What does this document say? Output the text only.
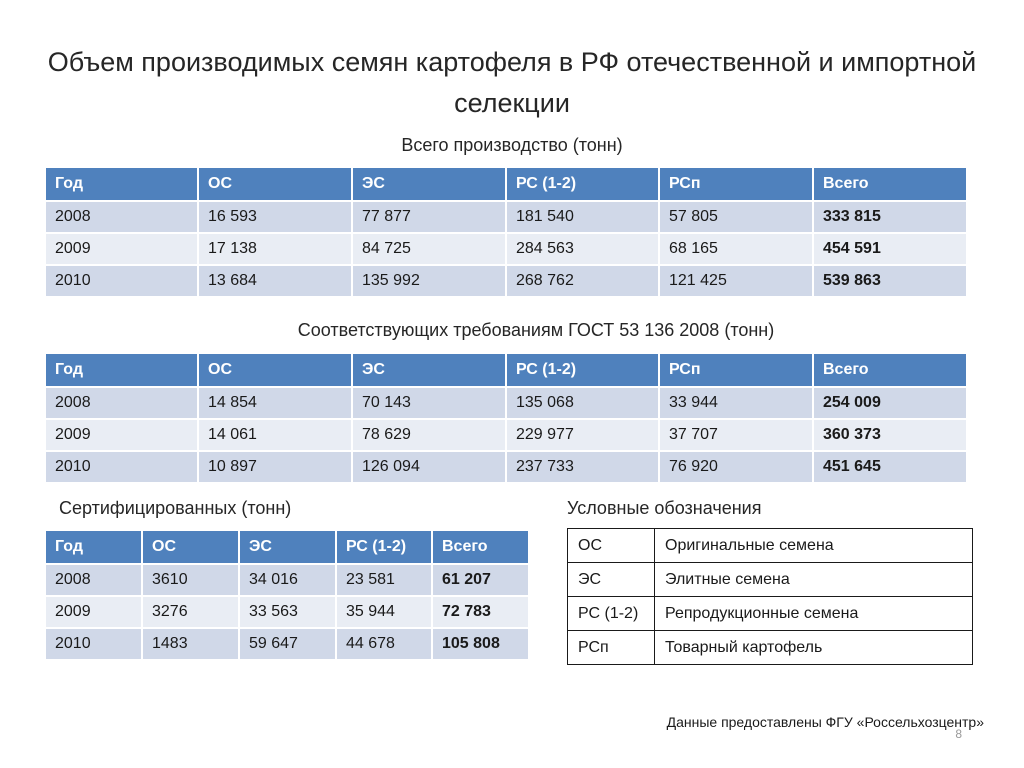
Объем производимых семян картофеля в РФ отечественной и импортной селекции
Всего производство (тонн)
Год	ОС	ЭС	РС (1-2)	РСп	Всего
2008	16 593	77 877	181 540	57 805	333 815
2009	17 138	84 725	284 563	68 165	454 591
2010	13 684	135 992	268 762	121 425	539 863
Соответствующих требованиям ГОСТ 53 136 2008 (тонн)
Год	ОС	ЭС	РС (1-2)	РСп	Всего
2008	14 854	70 143	135 068	33 944	254 009
2009	14 061	78 629	229 977	37 707	360 373
2010	10 897	126 094	237 733	76 920	451 645
Сертифицированных (тонн)
Год	ОС	ЭС	РС (1-2)	Всего
2008	3610	34 016	23 581	61 207
2009	3276	33 563	35 944	72 783
2010	1483	59 647	44 678	105 808
Условные обозначения
ОС	Оригинальные семена
ЭС	Элитные семена
РС (1-2)	Репродукционные семена
РСп	Товарный картофель
Данные предоставлены ФГУ «Россельхозцентр»
8
